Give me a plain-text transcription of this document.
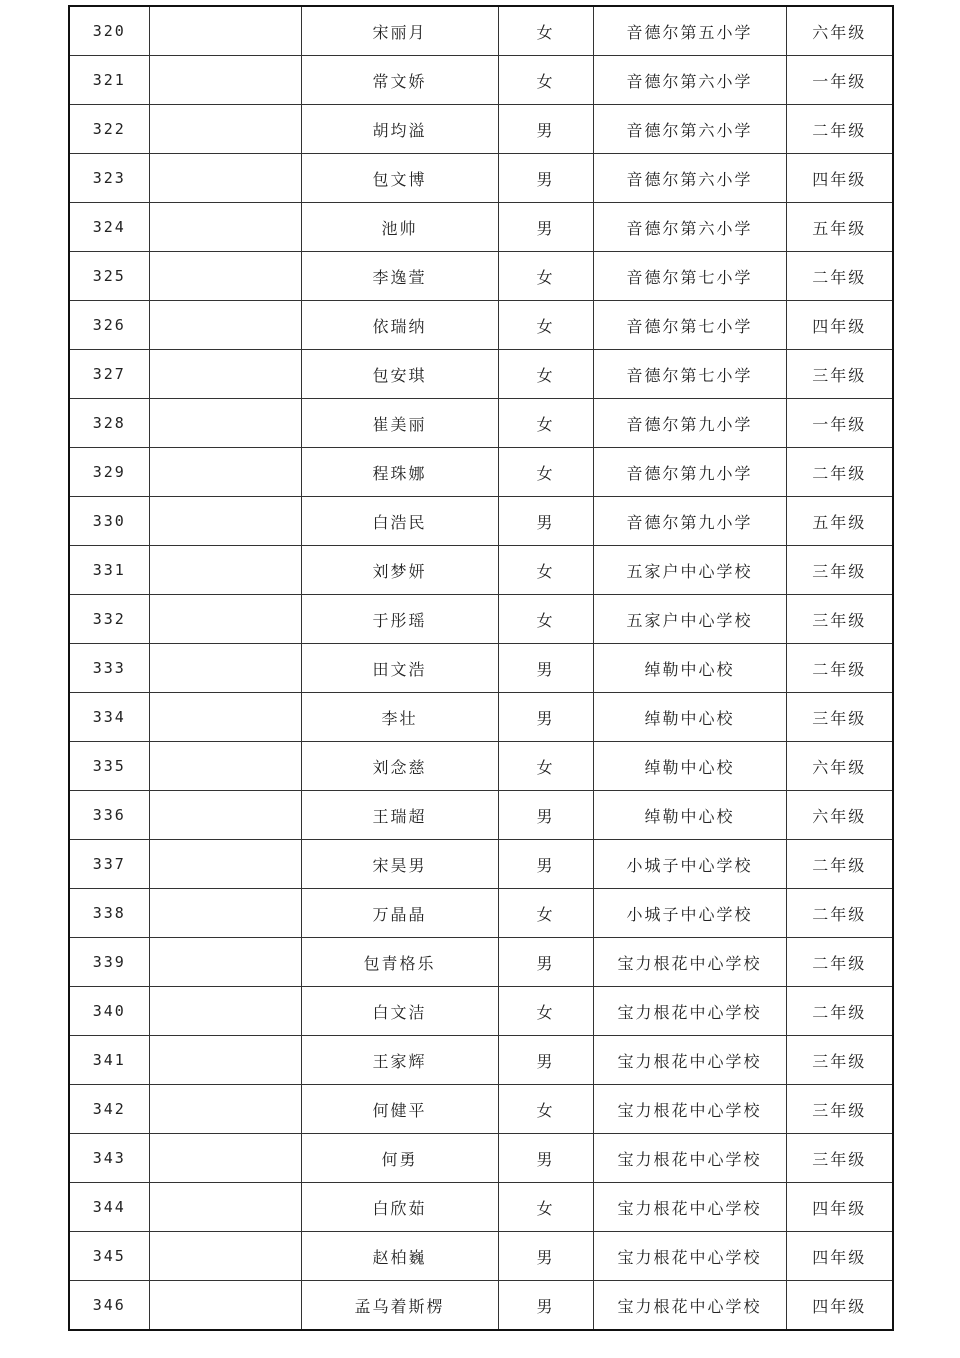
320		宋丽月	女	音德尔第五小学	六年级
321		常文娇	女	音德尔第六小学	一年级
322		胡均溢	男	音德尔第六小学	二年级
323		包文博	男	音德尔第六小学	四年级
324		池帅	男	音德尔第六小学	五年级
325		李逸萱	女	音德尔第七小学	二年级
326		依瑞纳	女	音德尔第七小学	四年级
327		包安琪	女	音德尔第七小学	三年级
328		崔美丽	女	音德尔第九小学	一年级
329		程珠娜	女	音德尔第九小学	二年级
330		白浩民	男	音德尔第九小学	五年级
331		刘梦妍	女	五家户中心学校	三年级
332		于彤瑶	女	五家户中心学校	三年级
333		田文浩	男	绰勒中心校	二年级
334		李壮	男	绰勒中心校	三年级
335		刘念慈	女	绰勒中心校	六年级
336		王瑞超	男	绰勒中心校	六年级
337		宋昊男	男	小城子中心学校	二年级
338		万晶晶	女	小城子中心学校	二年级
339		包青格乐	男	宝力根花中心学校	二年级
340		白文洁	女	宝力根花中心学校	二年级
341		王家辉	男	宝力根花中心学校	三年级
342		何健平	女	宝力根花中心学校	三年级
343		何勇	男	宝力根花中心学校	三年级
344		白欣茹	女	宝力根花中心学校	四年级
345		赵柏巍	男	宝力根花中心学校	四年级
346		孟乌着斯楞	男	宝力根花中心学校	四年级
